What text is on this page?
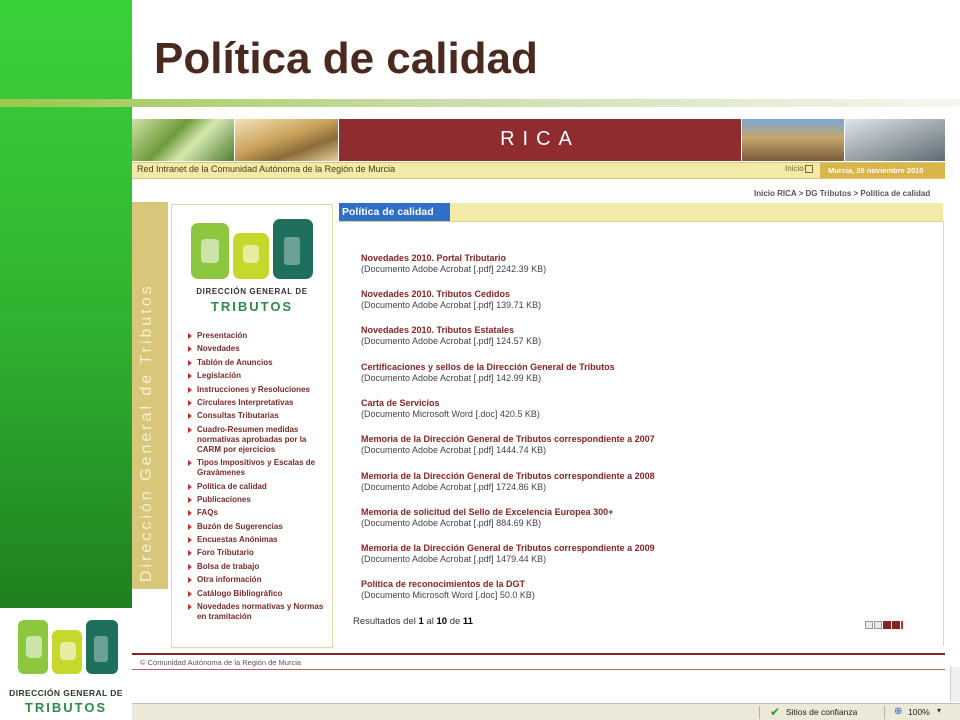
Política de calidad
DIRECCIÓN GENERAL DE
TRIBUTOS
RICA
Red Intranet de la Comunidad Autónoma de la Región de Murcia	Inicio	Murcia, 26 noviembre 2010
Inicio RICA > DG Tributos > Política de calidad
Dirección General de Tributos	DIRECCIÓN GENERAL DE
TRIBUTOS
Presentación
Novedades
Tablón de Anuncios
Legislación
Instrucciones y Resoluciones
Circulares Interpretativas
Consultas Tributarias
Cuadro-Resumen medidas normativas aprobadas por la CARM por ejercicios
Tipos Impositivos y Escalas de Gravámenes
Política de calidad
Publicaciones
FAQs
Buzón de Sugerencias
Encuestas Anónimas
Foro Tributario
Bolsa de trabajo
Otra información
Catálogo Bibliográfico
Novedades normativas y Normas en tramitación
Política de calidad
Novedades 2010. Portal Tributario
(Documento Adobe Acrobat [.pdf] 2242.39 KB)
Novedades 2010. Tributos Cedidos
(Documento Adobe Acrobat [.pdf] 139.71 KB)
Novedades 2010. Tributos Estatales
(Documento Adobe Acrobat [.pdf] 124.57 KB)
Certificaciones y sellos de la Dirección General de Tributos
(Documento Adobe Acrobat [.pdf] 142.99 KB)
Carta de Servicios
(Documento Microsoft Word [.doc] 420.5 KB)
Memoria de la Dirección General de Tributos correspondiente a 2007
(Documento Adobe Acrobat [.pdf] 1444.74 KB)
Memoria de la Dirección General de Tributos correspondiente a 2008
(Documento Adobe Acrobat [.pdf] 1724.86 KB)
Memoria de solicitud del Sello de Excelencia Europea 300+
(Documento Adobe Acrobat [.pdf] 884.69 KB)
Memoria de la Dirección General de Tributos correspondiente a 2009
(Documento Adobe Acrobat [.pdf] 1479.44 KB)
Política de reconocimientos de la DGT
(Documento Microsoft Word [.doc] 50.0 KB)
Resultados del 1 al 10 de 11
© Comunidad Autónoma de la Región de Murcia
✔ Sitios de confianza	⊕ 100% ▾
